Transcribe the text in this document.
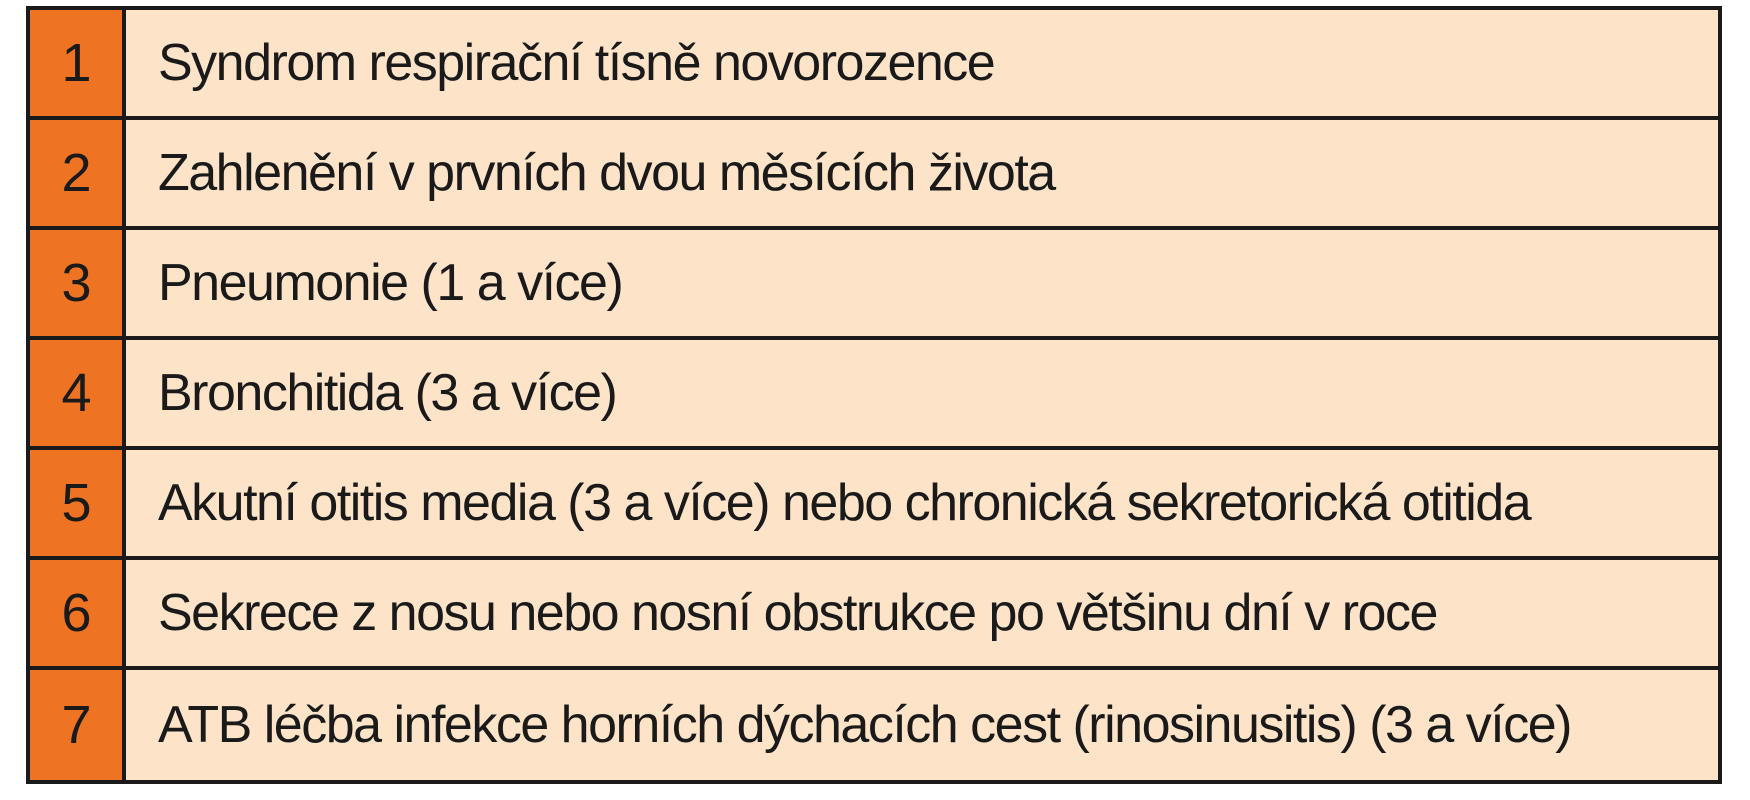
1	Syndrom respirační tísně novorozence
2	Zahlenění v prvních dvou měsících života
3	Pneumonie (1 a více)
4	Bronchitida (3 a více)
5	Akutní otitis media (3 a více) nebo chronická sekretorická otitida
6	Sekrece z nosu nebo nosní obstrukce po většinu dní v roce
7	ATB léčba infekce horních dýchacích cest (rinosinusitis) (3 a více)
